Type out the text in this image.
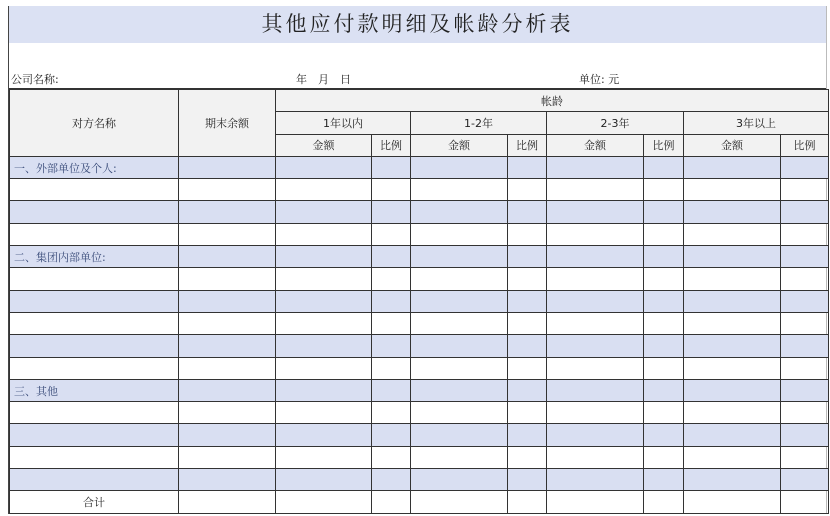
其他应付款明细及帐龄分析表
公司名称:	年　月　日	单位: 元
对方名称	期末余额	帐龄							
		1年以内		1-2年		2-3年		3年以上	
		金额	比例	金额	比例	金额	比例	金额	比例
一、外部单位及个人:									

二、集团内部单位:									

三、其他									

合计									
